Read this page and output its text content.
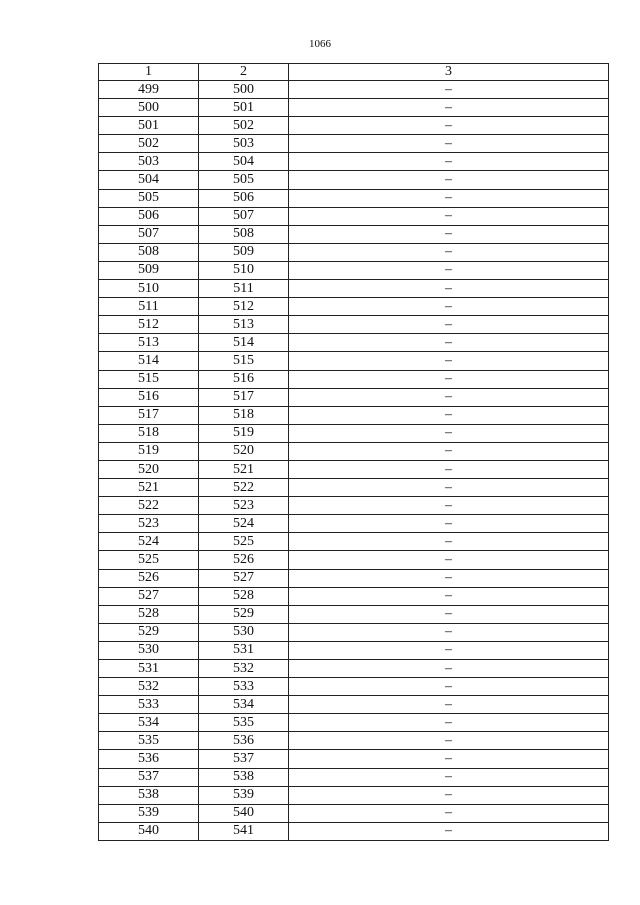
1066
1	2	3
499	500	–
500	501	–
501	502	–
502	503	–
503	504	–
504	505	–
505	506	–
506	507	–
507	508	–
508	509	–
509	510	–
510	511	–
511	512	–
512	513	–
513	514	–
514	515	–
515	516	–
516	517	–
517	518	–
518	519	–
519	520	–
520	521	–
521	522	–
522	523	–
523	524	–
524	525	–
525	526	–
526	527	–
527	528	–
528	529	–
529	530	–
530	531	–
531	532	–
532	533	–
533	534	–
534	535	–
535	536	–
536	537	–
537	538	–
538	539	–
539	540	–
540	541	–
